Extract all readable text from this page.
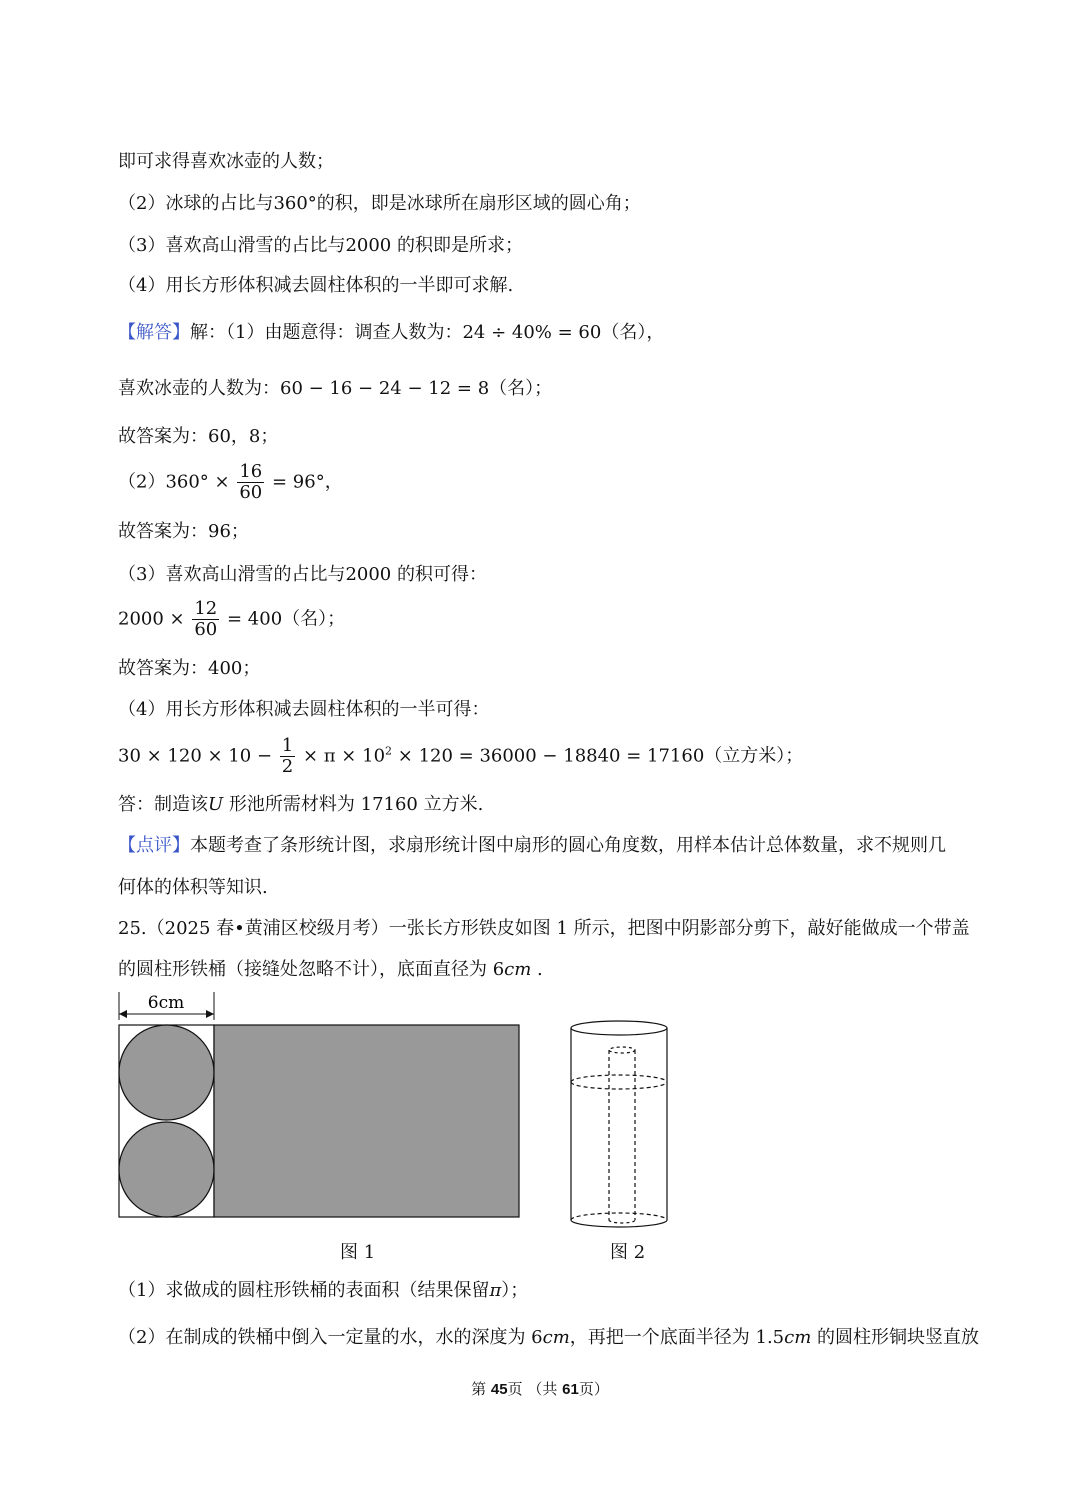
即可求得喜欢冰壶的人数；
（2）冰球的占比与360°的积，即是冰球所在扇形区域的圆心角；
（3）喜欢高山滑雪的占比与2000 的积即是所求；
（4）用长方形体积减去圆柱体积的一半即可求解.
【解答】解：（1）由题意得：调查人数为：24 ÷ 40% = 60（名），
喜欢冰壶的人数为：60 − 16 − 24 − 12 = 8（名）；
故答案为：60，8；
$(2)360^\circ \times \frac{16}{60} = 96^\circ$，
故答案为：96；
（3）喜欢高山滑雪的占比与2000 的积可得：
$2000 \times \frac{12}{60} = 400$（名）；
故答案为：400；
（4）用长方形体积减去圆柱体积的一半可得：
$30 \times 120 \times 10 - \frac{1}{2} \times \pi \times 10^2 \times 120 = 36000 - 18840 = 17160$（立方米）；
答：制造该U 形池所需材料为 17160 立方米.
【点评】本题考查了条形统计图，求扇形统计图中扇形的圆心角度数，用样本估计总体数量，求不规则几
何体的体积等知识.
25.（2025 春•黄浦区校级月考）一张长方形铁皮如图 1 所示，把图中阴影部分剪下，敲好能做成一个带盖
的圆柱形铁桶（接缝处忽略不计），底面直径为 6cm .
6cm
图 1	图 2
（1）求做成的圆柱形铁桶的表面积（结果保留π）；
（2）在制成的铁桶中倒入一定量的水，水的深度为 6cm，再把一个底面半径为 1.5cm 的圆柱形铜块竖直放
第 45页 （共 61页）
